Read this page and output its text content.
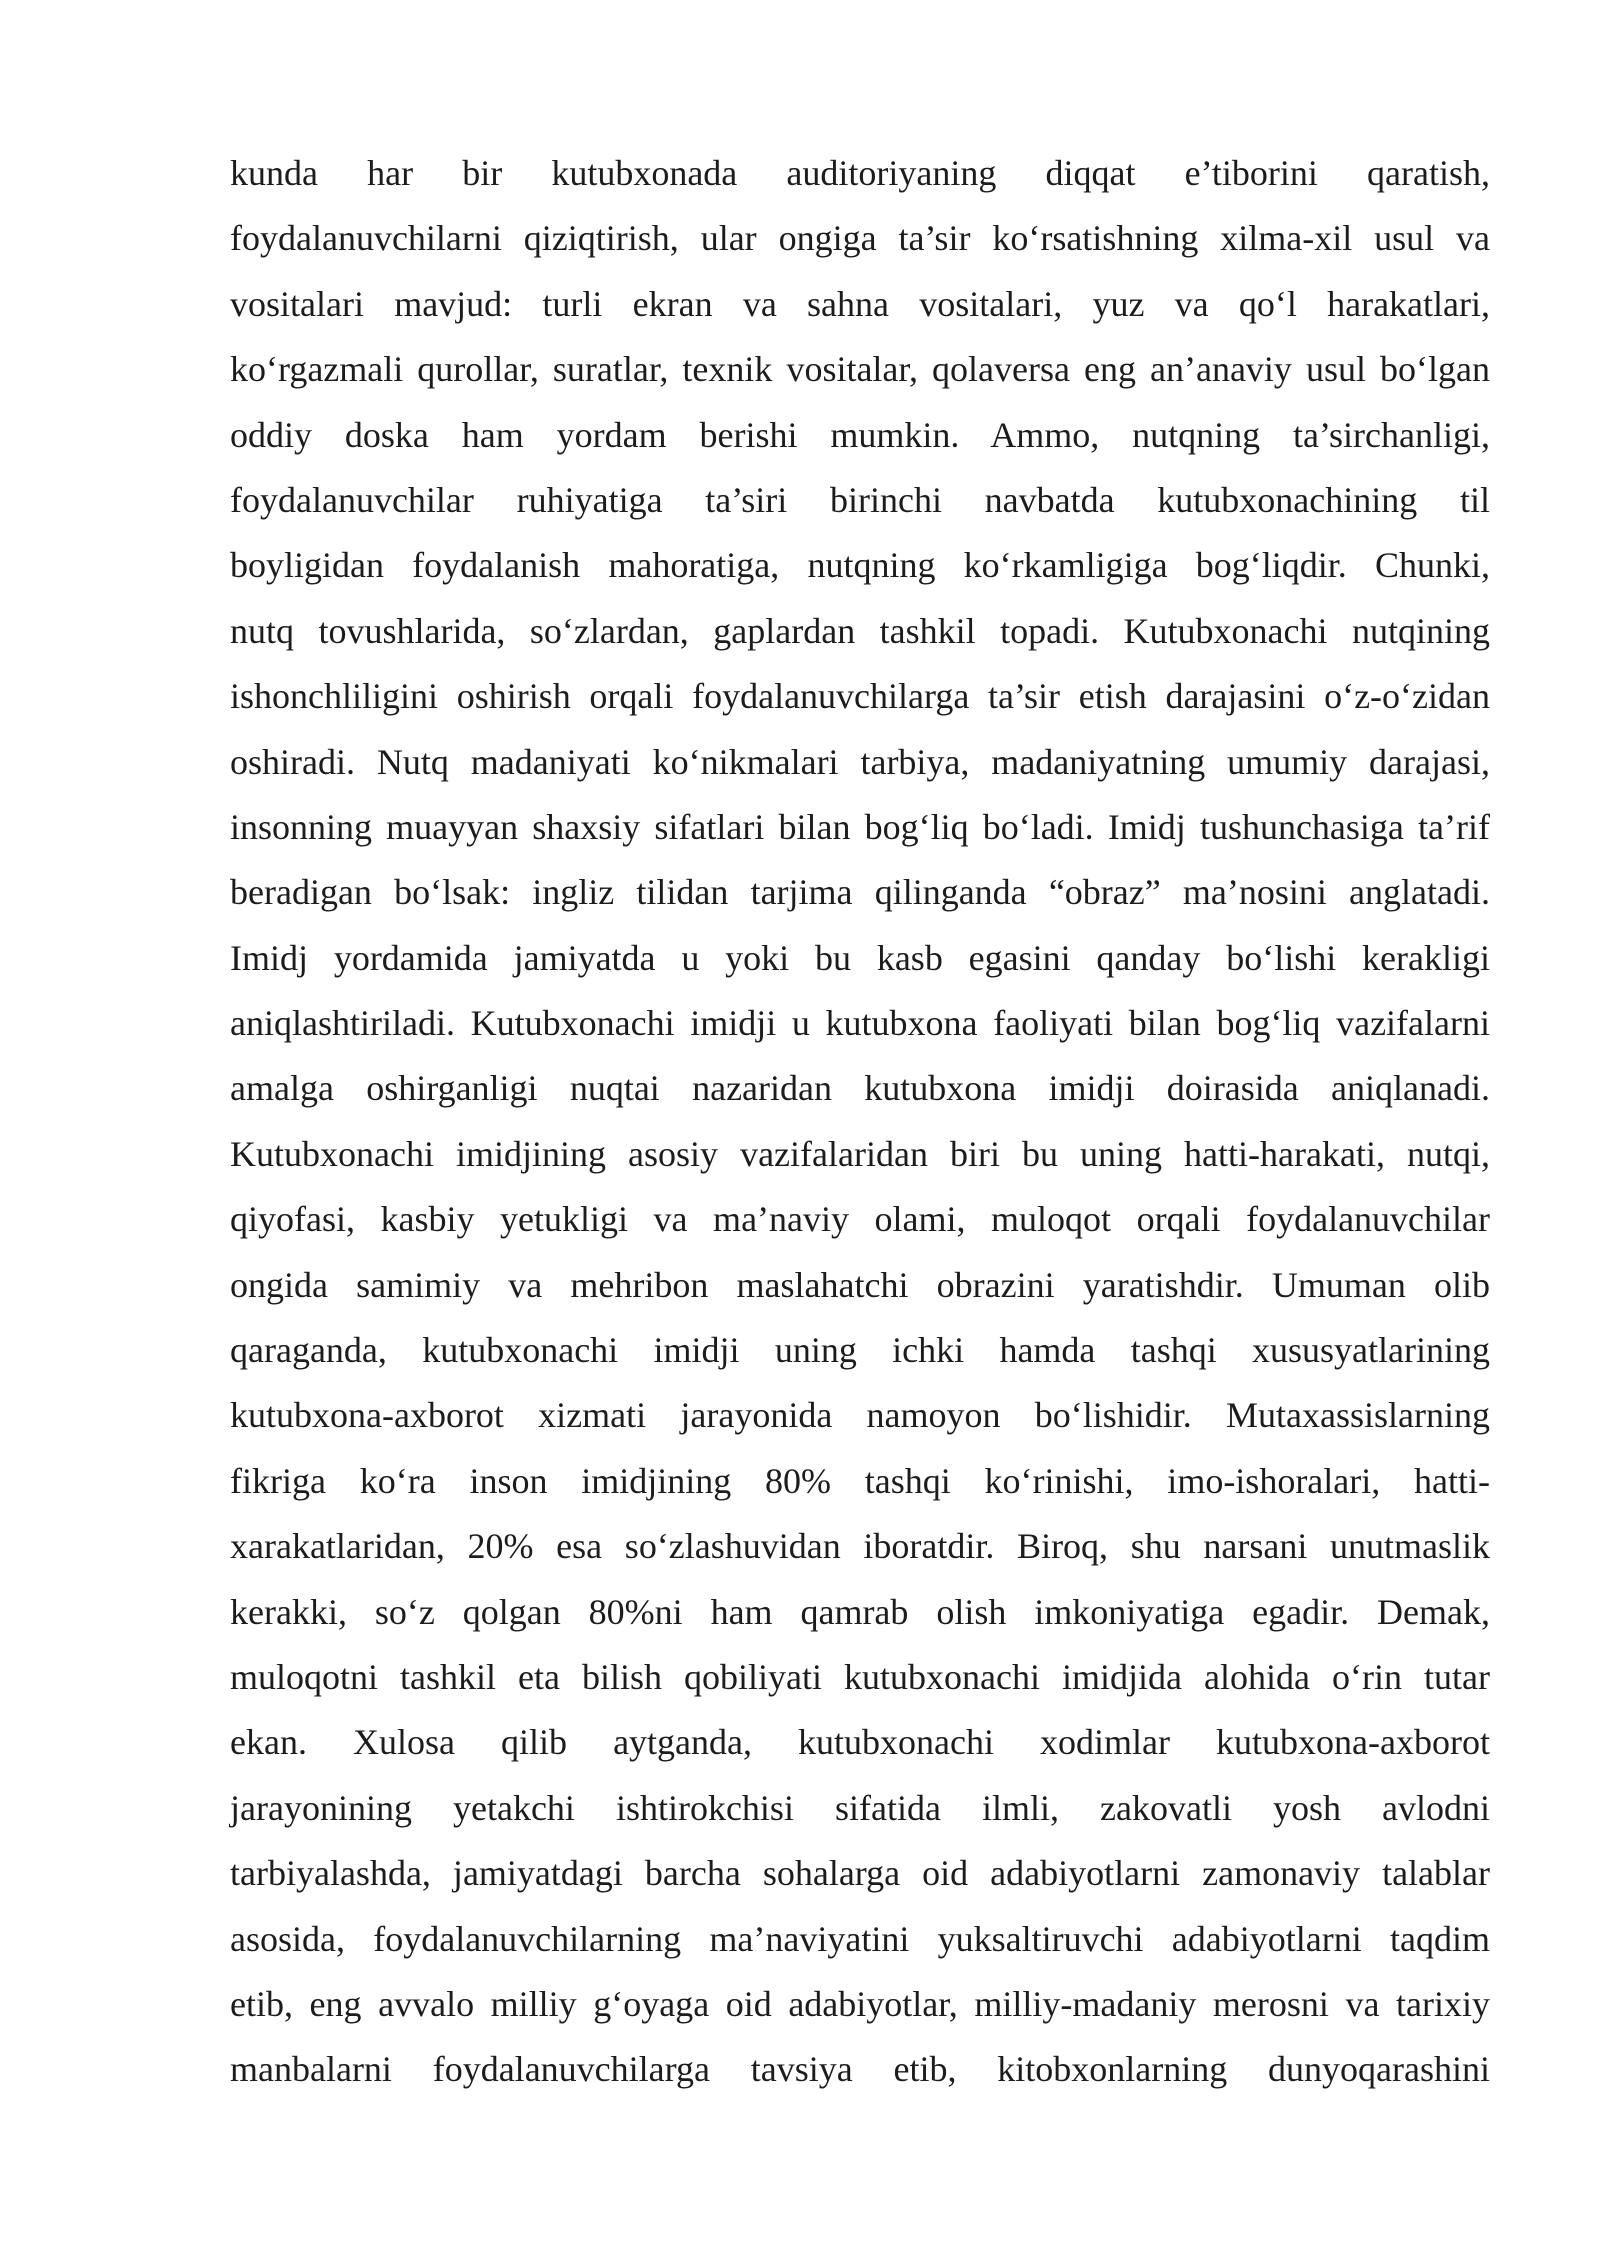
kunda har bir kutubxonada auditoriyaning diqqat e’tiborini qaratish,
foydalanuvchilarni qiziqtirish, ular ongiga ta’sir ko‘rsatishning xilma-xil usul va
vositalari mavjud: turli ekran va sahna vositalari, yuz va qo‘l harakatlari,
ko‘rgazmali qurollar, suratlar, texnik vositalar, qolaversa eng an’anaviy usul bo‘lgan
oddiy doska ham yordam berishi mumkin. Ammo, nutqning ta’sirchanligi,
foydalanuvchilar ruhiyatiga ta’siri birinchi navbatda kutubxonachining til
boyligidan foydalanish mahoratiga, nutqning ko‘rkamligiga bog‘liqdir. Chunki,
nutq tovushlarida, so‘zlardan, gaplardan tashkil topadi. Kutubxonachi nutqining
ishonchliligini oshirish orqali foydalanuvchilarga ta’sir etish darajasini o‘z-o‘zidan
oshiradi. Nutq madaniyati ko‘nikmalari tarbiya, madaniyatning umumiy darajasi,
insonning muayyan shaxsiy sifatlari bilan bog‘liq bo‘ladi. Imidj tushunchasiga ta’rif
beradigan bo‘lsak: ingliz tilidan tarjima qilinganda “obraz” ma’nosini anglatadi.
Imidj yordamida jamiyatda u yoki bu kasb egasini qanday bo‘lishi kerakligi
aniqlashtiriladi. Kutubxonachi imidji u kutubxona faoliyati bilan bog‘liq vazifalarni
amalga oshirganligi nuqtai nazaridan kutubxona imidji doirasida aniqlanadi.
Kutubxonachi imidjining asosiy vazifalaridan biri bu uning hatti-harakati, nutqi,
qiyofasi, kasbiy yetukligi va ma’naviy olami, muloqot orqali foydalanuvchilar
ongida samimiy va mehribon maslahatchi obrazini yaratishdir. Umuman olib
qaraganda, kutubxonachi imidji uning ichki hamda tashqi xususyatlarining
kutubxona-axborot xizmati jarayonida namoyon bo‘lishidir. Mutaxassislarning
fikriga ko‘ra inson imidjining 80% tashqi ko‘rinishi, imo-ishoralari, hatti-
xarakatlaridan, 20% esa so‘zlashuvidan iboratdir. Biroq, shu narsani unutmaslik
kerakki, so‘z qolgan 80%ni ham qamrab olish imkoniyatiga egadir. Demak,
muloqotni tashkil eta bilish qobiliyati kutubxonachi imidjida alohida o‘rin tutar
ekan. Xulosa qilib aytganda, kutubxonachi xodimlar kutubxona-axborot
jarayonining yetakchi ishtirokchisi sifatida ilmli, zakovatli yosh avlodni
tarbiyalashda, jamiyatdagi barcha sohalarga oid adabiyotlarni zamonaviy talablar
asosida, foydalanuvchilarning ma’naviyatini yuksaltiruvchi adabiyotlarni taqdim
etib, eng avvalo milliy g‘oyaga oid adabiyotlar, milliy-madaniy merosni va tarixiy
manbalarni foydalanuvchilarga tavsiya etib, kitobxonlarning dunyoqarashini
